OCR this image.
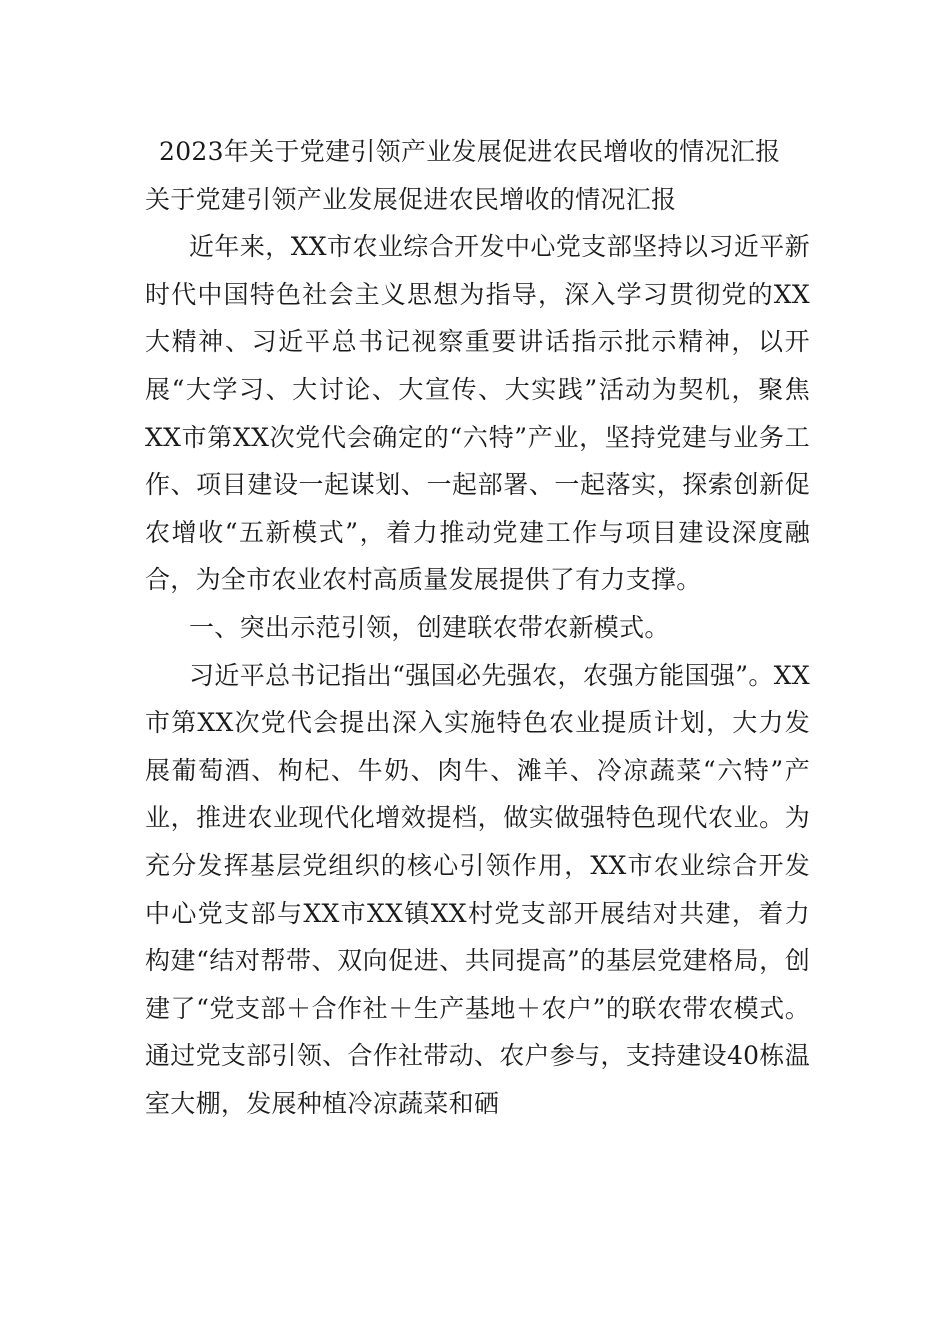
2023年关于党建引领产业发展促进农民增收的情况汇报
关于党建引领产业发展促进农民增收的情况汇报

近年来，XX市农业综合开发中心党支部坚持以习近平新时代中国特色社会主义思想为指导，深入学习贯彻党的XX大精神、习近平总书记视察重要讲话指示批示精神，以开展“大学习、大讨论、大宣传、大实践”活动为契机，聚焦XX市第XX次党代会确定的“六特”产业，坚持党建与业务工作、项目建设一起谋划、一起部署、一起落实，探索创新促农增收“五新模式”，着力推动党建工作与项目建设深度融合，为全市农业农村高质量发展提供了有力支撑。

一、突出示范引领，创建联农带农新模式。

习近平总书记指出“强国必先强农，农强方能国强”。XX市第XX次党代会提出深入实施特色农业提质计划，大力发展葡萄酒、枸杞、牛奶、肉牛、滩羊、冷凉蔬菜“六特”产业，推进农业现代化增效提档，做实做强特色现代农业。为充分发挥基层党组织的核心引领作用，XX市农业综合开发中心党支部与XX市XX镇XX村党支部开展结对共建，着力构建“结对帮带、双向促进、共同提高”的基层党建格局，创建了“党支部＋合作社＋生产基地＋农户”的联农带农模式。通过党支部引领、合作社带动、农户参与，支持建设40栋温室大棚，发展种植冷凉蔬菜和硒
